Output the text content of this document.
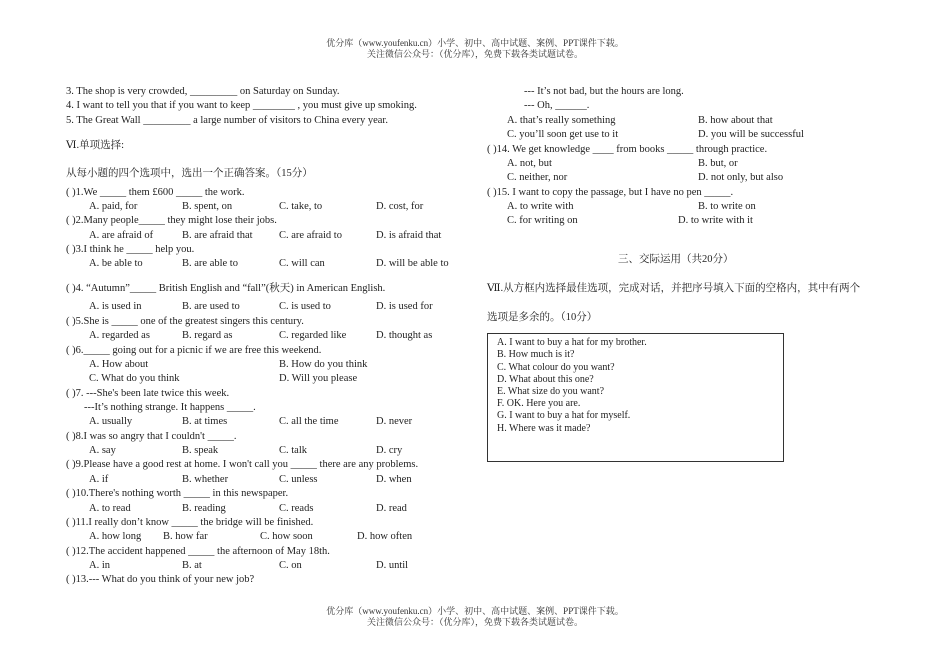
优分库（www.youfenku.cn）小学、初中、高中试题、案例、PPT课件下载。
关注微信公众号：（优分库），免费下载各类试题试卷。
3. The shop is very crowded, _________ on Saturday on Sunday.
4. I want to tell you that if you want to keep ________ , you must give up smoking.
5. The Great Wall _________ a large number of visitors to China every year.
Ⅵ.单项选择:
从每小题的四个选项中，选出一个正确答案。（15分）
( )1.We _____ them £600 _____ the work.
A. paid, for	B. spent, on	C. take, to	D. cost, for
( )2.Many people_____ they might lose their jobs.
A. are afraid of	B. are afraid that	C. are afraid to	D. is afraid that
( )3.I think he _____ help you.
A. be able to	B. are able to	C. will can	D. will be able to
( )4. “Autumn”_____ British English and “fall”(秋天) in American English.
A. is used in	B. are used to	C. is used to	D. is used for
( )5.She is _____ one of the greatest singers this century.
A. regarded as	B. regard as	C. regarded like	D. thought as
( )6._____ going out for a picnic if we are free this weekend.
A. How about	B. How do you think
C. What do you think	D. Will you please
( )7. ---She's been late twice this week.
---It’s nothing strange. It happens _____.
A. usually	B. at times	C. all the time	D. never
( )8.I was so angry that I couldn't _____.
A. say	B. speak	C. talk	D. cry
( )9.Please have a good rest at home. I won't call you _____ there are any problems.
A. if	B. whether	C. unless	D. when
( )10.There's nothing worth _____ in this newspaper.
A. to read	B. reading	C. reads	D. read
( )11.I really don’t know _____ the bridge will be finished.
A. how long B. how far	C. how soon	D. how often
( )12.The accident happened _____ the afternoon of May 18th.
A. in	B. at	C. on	D. until
( )13.--- What do you think of your new job?
--- It’s not bad, but the hours are long.
--- Oh, ______.
A. that’s really something	B. how about that
C. you’ll soon get use to it	D. you will be successful
( )14. We get knowledge ____ from books _____ through practice.
A. not, but	B. but, or
C. neither, nor	D. not only, but also
( )15. I want to copy the passage, but I have no pen _____.
A. to write with	B. to write on
C. for writing on	D. to write with it
三、交际运用（共20分）
Ⅶ.从方框内选择最佳选项，完成对话，并把序号填入下面的空格内，其中有两个
选项是多余的。（10分）
A. I want to buy a hat for my brother.
B. How much is it?
C. What colour do you want?
D. What about this one?
E. What size do you want?
F. OK. Here you are.
G. I want to buy a hat for myself.
H. Where was it made?
优分库（www.youfenku.cn）小学、初中、高中试题、案例、PPT课件下载。
关注微信公众号：（优分库），免费下载各类试题试卷。
